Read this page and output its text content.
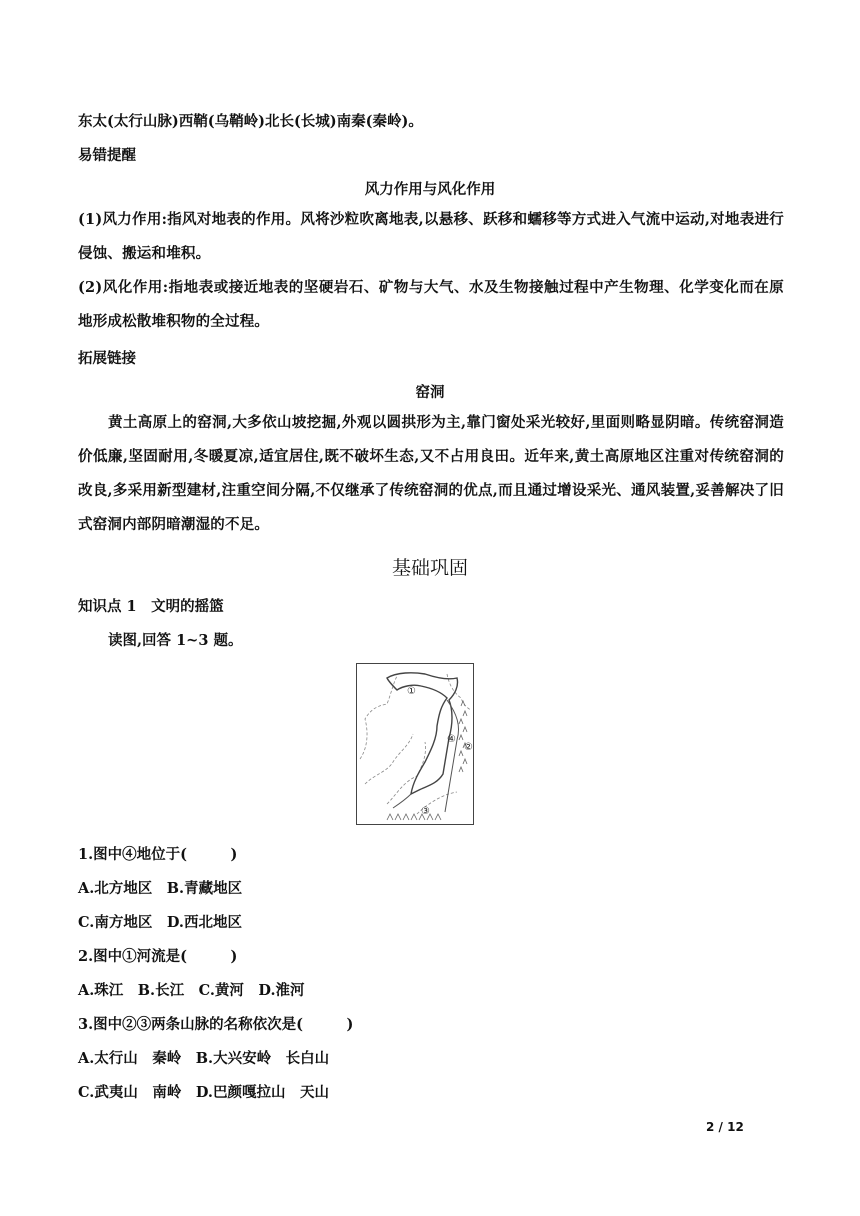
东太(太行山脉)西鞘(乌鞘岭)北长(长城)南秦(秦岭)。
易错提醒
风力作用与风化作用
(1)风力作用:指风对地表的作用。风将沙粒吹离地表,以悬移、跃移和蠕移等方式进入气流中运动,对地表进行侵蚀、搬运和堆积。
(2)风化作用:指地表或接近地表的坚硬岩石、矿物与大气、水及生物接触过程中产生物理、化学变化而在原地形成松散堆积物的全过程。
拓展链接
窑洞
黄土高原上的窑洞,大多依山坡挖掘,外观以圆拱形为主,靠门窗处采光较好,里面则略显阴暗。传统窑洞造价低廉,坚固耐用,冬暖夏凉,适宜居住,既不破坏生态,又不占用良田。近年来,黄土高原地区注重对传统窑洞的改良,多采用新型建材,注重空间分隔,不仅继承了传统窑洞的优点,而且通过增设采光、通风装置,妥善解决了旧式窑洞内部阴暗潮湿的不足。
基础巩固
知识点 1　文明的摇篮
读图,回答 1~3 题。
①
②
③
④
1.图中④地位于(　　　)
A.北方地区　B.青藏地区
C.南方地区　D.西北地区
2.图中①河流是(　　　)
A.珠江　B.长江　C.黄河　D.淮河
3.图中②③两条山脉的名称依次是(　　　)
A.太行山　秦岭　B.大兴安岭　长白山
C.武夷山　南岭　D.巴颜嘎拉山　天山
2 / 12
